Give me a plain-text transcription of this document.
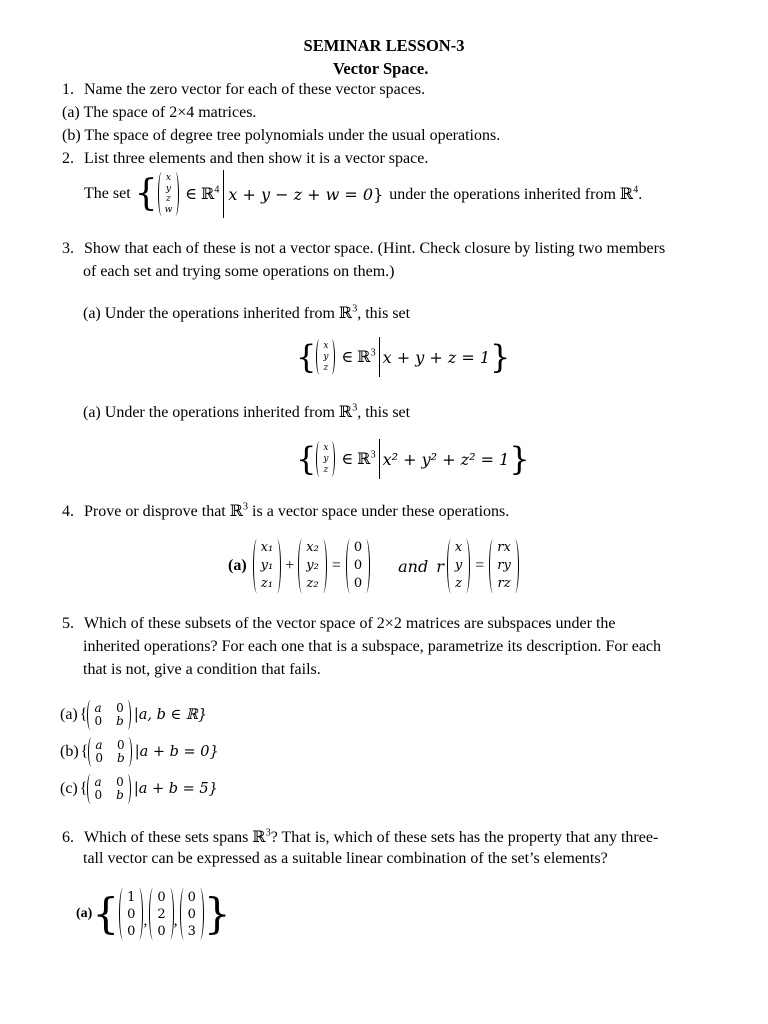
SEMINAR LESSON-3
Vector Space.
1. Name the zero vector for each of these vector spaces.
(a) The space of 2×4 matrices.
(b) The space of degree tree polynomials under the usual operations.
2. List three elements and then show it is a vector space.
The set { x
y
z
w
∈ ℝ$^4$ x + y − z + w = 0 } under the operations inherited from ℝ$^4$.
3. Show that each of these is not a vector space. (Hint. Check closure by listing two members
of each set and trying some operations on them.)
(a) Under the operations inherited from ℝ$^3$, this set
{ x
y
z
∈ ℝ$^3$ x + y + z = 1 }
(a) Under the operations inherited from ℝ$^3$, this set
{ x
y
z
∈ ℝ$^3$ x² + y² + z² = 1 }
4. Prove or disprove that ℝ$^3$ is a vector space under these operations.
(a)
x₁
y₁
z₁
+
x₂
y₂
z₂
=
0
0
0
and r
x
y
z
=
rx
ry
rz
5. Which of these subsets of the vector space of 2×2 matrices are subspaces under the
inherited operations? For each one that is a subspace, parametrize its description. For each
that is not, give a condition that fails.
(a) { a 0
0 b |a, b ∈ ℝ}
(b) { a 0
0 b |a + b = 0}
(c) { a 0
0 b |a + b = 5}
6. Which of these sets spans ℝ$^3$? That is, which of these sets has the property that any three-
tall vector can be expressed as a suitable linear combination of the set’s elements?
(a) { 1
0
0
,
0
2
0
,
0
0
3 }
